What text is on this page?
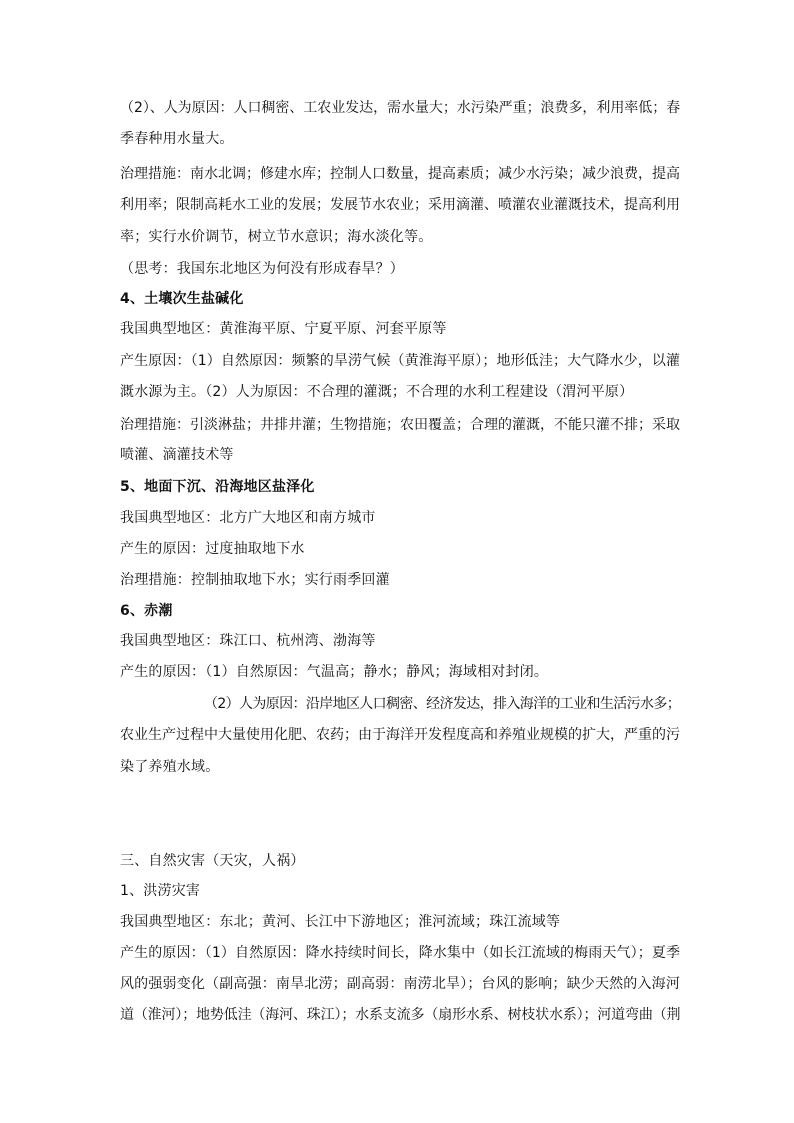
（2）、人为原因：人口稠密、工农业发达，需水量大；水污染严重；浪费多，利用率低；春
季春种用水量大。
治理措施：南水北调；修建水库；控制人口数量，提高素质；减少水污染；减少浪费，提高
利用率；限制高耗水工业的发展；发展节水农业；采用滴灌、喷灌农业灌溉技术，提高利用
率；实行水价调节，树立节水意识；海水淡化等。
（思考：我国东北地区为何没有形成春旱？）
4、土壤次生盐碱化
我国典型地区：黄淮海平原、宁夏平原、河套平原等
产生原因：（1）自然原因：频繁的旱涝气候（黄淮海平原）；地形低洼；大气降水少，以灌
溉水源为主。（2）人为原因：不合理的灌溉；不合理的水利工程建设（渭河平原）
治理措施：引淡淋盐；井排井灌；生物措施；农田覆盖；合理的灌溉，不能只灌不排；采取
喷灌、滴灌技术等
5、地面下沉、沿海地区盐泽化
我国典型地区：北方广大地区和南方城市
产生的原因：过度抽取地下水
治理措施：控制抽取地下水；实行雨季回灌
6、赤潮
我国典型地区：珠江口、杭州湾、渤海等
产生的原因：（1）自然原因：气温高；静水；静风；海域相对封闭。
（2）人为原因：沿岸地区人口稠密、经济发达，排入海洋的工业和生活污水多；
农业生产过程中大量使用化肥、农药；由于海洋开发程度高和养殖业规模的扩大，严重的污
染了养殖水域。
三、自然灾害（天灾，人祸）
1、洪涝灾害
我国典型地区：东北；黄河、长江中下游地区；淮河流域；珠江流域等
产生的原因：（1）自然原因：降水持续时间长，降水集中（如长江流域的梅雨天气）；夏季
风的强弱变化（副高强：南旱北涝；副高弱：南涝北旱）；台风的影响；缺少天然的入海河
道（淮河）；地势低洼（海河、珠江）；水系支流多（扇形水系、树枝状水系）；河道弯曲（荆
